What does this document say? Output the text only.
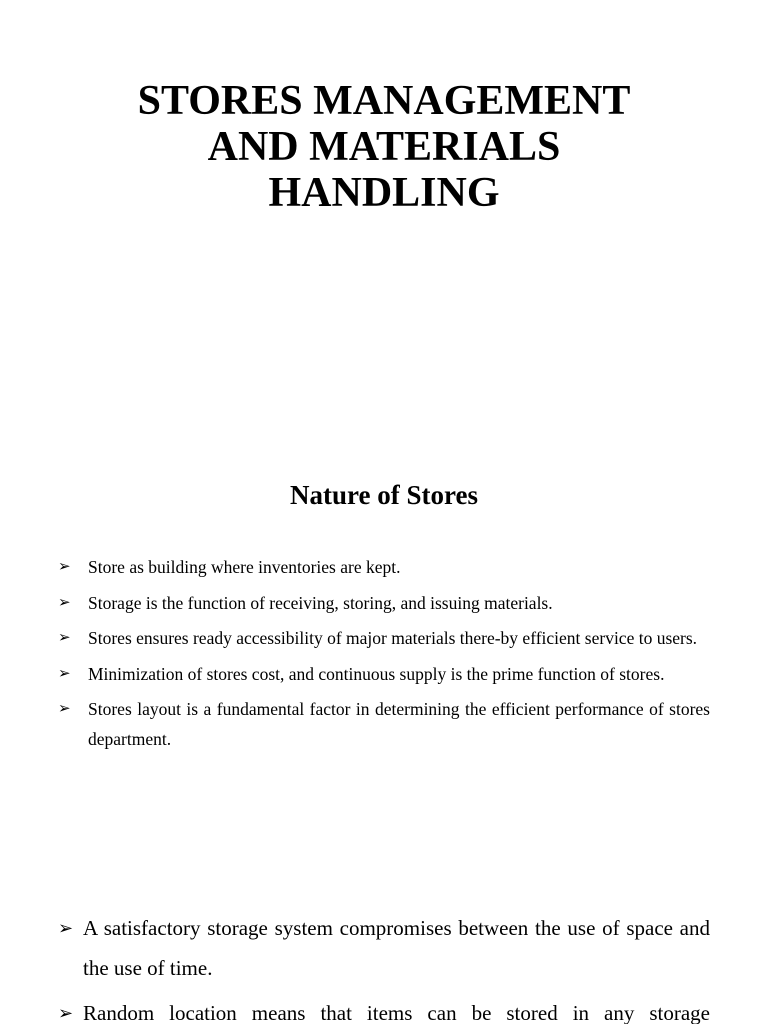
STORES MANAGEMENT
AND MATERIALS
HANDLING
Nature of Stores
➢ Store as building where inventories are kept.
➢ Storage is the function of receiving, storing, and issuing materials.
➢ Stores ensures ready accessibility of major materials there-by efficient service to users.
➢ Minimization of stores cost, and continuous supply is the prime function of stores.
➢ Stores layout is a fundamental factor in determining the efficient performance of stores department.
➢ A satisfactory storage system compromises between the use of space and the use of time.
➢ Random location means that items can be stored in any storage
